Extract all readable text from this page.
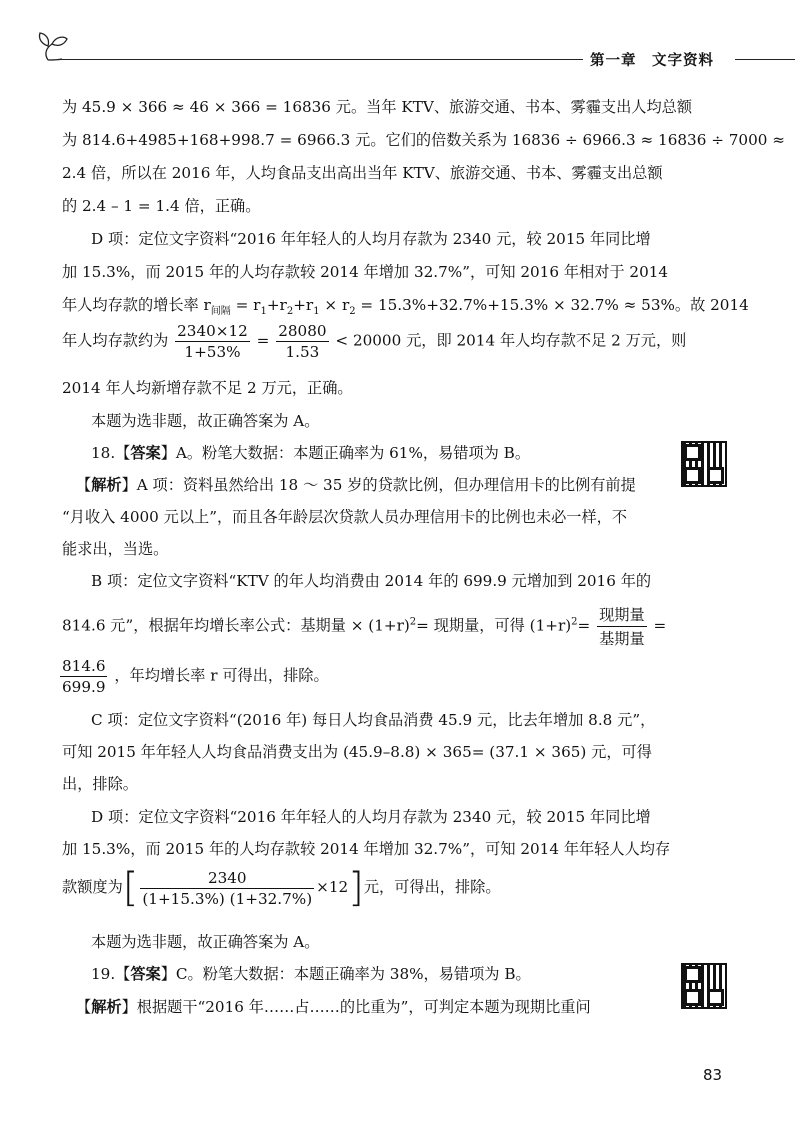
第一章　文字资料
为 45.9 × 366 ≈ 46 × 366 = 16836 元。当年 KTV、旅游交通、书本、雾霾支出人均总额
为 814.6+4985+168+998.7 = 6966.3 元。它们的倍数关系为 16836 ÷ 6966.3 ≈ 16836 ÷ 7000 ≈
2.4 倍，所以在 2016 年，人均食品支出高出当年 KTV、旅游交通、书本、雾霾支出总额
的 2.4 – 1 = 1.4 倍，正确。
D 项：定位文字资料“2016 年年轻人的人均月存款为 2340 元，较 2015 年同比增
加 15.3%，而 2015 年的人均存款较 2014 年增加 32.7%”，可知 2016 年相对于 2014
年人均存款的增长率 $r_{间隔} = r_1+r_2+r_1 \times r_2 = 15.3\%+32.7\%+15.3\% \times 32.7\% \approx 53\%$。故 2014
年人均存款约为 $\frac{2340\times 12}{1+53\%} = \frac{28080}{1.53} < 20000$ 元，即 2014 年人均存款不足 2 万元，则
2014 年人均新增存款不足 2 万元，正确。
本题为选非题，故正确答案为 A。
18.【答案】A。粉笔大数据：本题正确率为 61%，易错项为 B。
【解析】A 项：资料虽然给出 18 ～ 35 岁的贷款比例，但办理信用卡的比例有前提
“月收入 4000 元以上”，而且各年龄层次贷款人员办理信用卡的比例也未必一样，不
能求出，当选。
B 项：定位文字资料“KTV 的年人均消费由 2014 年的 699.9 元增加到 2016 年的
814.6 元”，根据年均增长率公式：基期量 × $(1+r)^2=$ 现期量，可得 $(1+r)^2=$
现期量
基期量
=
$\frac{814.6}{699.9}$ ，年均增长率 r 可得出，排除。
C 项：定位文字资料“(2016 年) 每日人均食品消费 45.9 元，比去年增加 8.8 元”，
可知 2015 年年轻人人均食品消费支出为 (45.9–8.8) × 365= (37.1 × 365) 元，可得
出，排除。
D 项：定位文字资料“2016 年年轻人的人均月存款为 2340 元，较 2015 年同比增
加 15.3%，而 2015 年的人均存款较 2014 年增加 32.7%”，可知 2014 年年轻人人均存
款额度为[ $\frac{2340}{(1+15.3\%) (1+32.7\%)} \times 12$]元，可得出，排除。
本题为选非题，故正确答案为 A。
19.【答案】C。粉笔大数据：本题正确率为 38%，易错项为 B。
【解析】根据题干“2016 年……占……的比重为”，可判定本题为现期比重问
83
